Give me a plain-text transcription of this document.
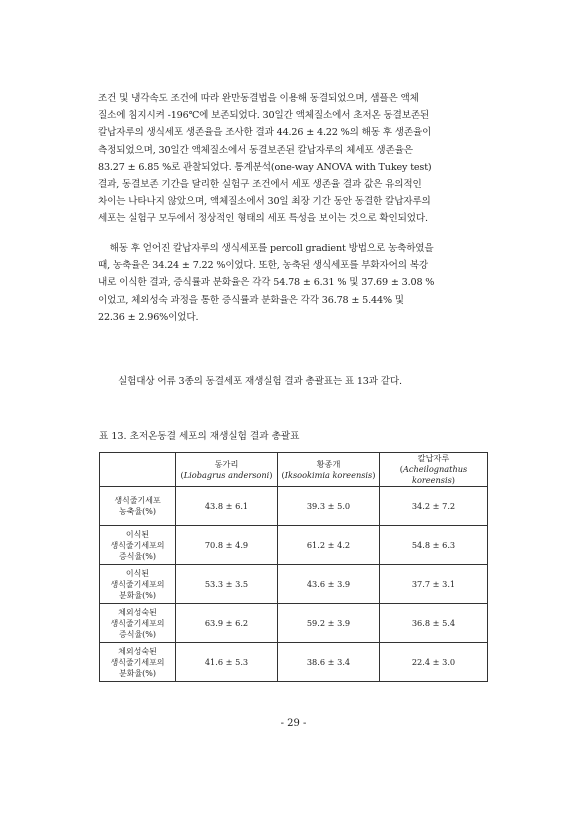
조건 및 냉각속도 조건에 따라 완만동결법을 이용해 동결되었으며, 샘플은 액체
질소에 침지시켜 -196℃에 보존되었다. 30일간 액체질소에서 초저온 동결보존된
칼납자루의 생식세포 생존율을 조사한 결과 44.26 ± 4.22 %의 해동 후 생존율이
측정되었으며, 30일간 액체질소에서 동결보존된 칼납자루의 체세포 생존율은
83.27 ± 6.85 %로 관찰되었다. 통계분석(one-way ANOVA with Tukey test)
결과, 동결보존 기간을 달리한 실험구 조건에서 세포 생존율 결과 값은 유의적인
차이는 나타나지 않았으며, 액체질소에서 30일 최장 기간 동안 동결한 칼납자루의
세포는 실험구 모두에서 정상적인 형태의 세포 특성을 보이는 것으로 확인되었다.
해동 후 얻어진 칼납자루의 생식세포를 percoll gradient 방법으로 농축하였을
때, 농축율은 34.24 ± 7.22 %이었다. 또한, 농축된 생식세포를 부화자어의 복강
내로 이식한 결과, 증식률과 분화율은 각각 54.78 ± 6.31 % 및 37.69 ± 3.08 %
이었고, 체외성숙 과정을 통한 증식률과 분화율은 각각 36.78 ± 5.44% 및
22.36 ± 2.96%이었다.
실험대상 어류 3종의 동결세포 재생실험 결과 총괄표는 표 13과 같다.
표 13. 초저온동결 세포의 재생실험 결과 총괄표

	동가리
(Liobagrus andersoni)	황종개
(Iksookimia koreensis)	칼납자루
(Acheilognathus koreensis)

생식줄기세포
농축율(%)	43.8 ± 6.1	39.3 ± 5.0	34.2 ± 7.2

이식된
생식줄기세포의
증식율(%)	70.8 ± 4.9	61.2 ± 4.2	54.8 ± 6.3

이식된
생식줄기세포의
분화율(%)	53.3 ± 3.5	43.6 ± 3.9	37.7 ± 3.1

체외성숙된
생식줄기세포의
증식율(%)	63.9 ± 6.2	59.2 ± 3.9	36.8 ± 5.4

체외성숙된
생식줄기세포의
분화율(%)	41.6 ± 5.3	38.6 ± 3.4	22.4 ± 3.0
- 29 -
